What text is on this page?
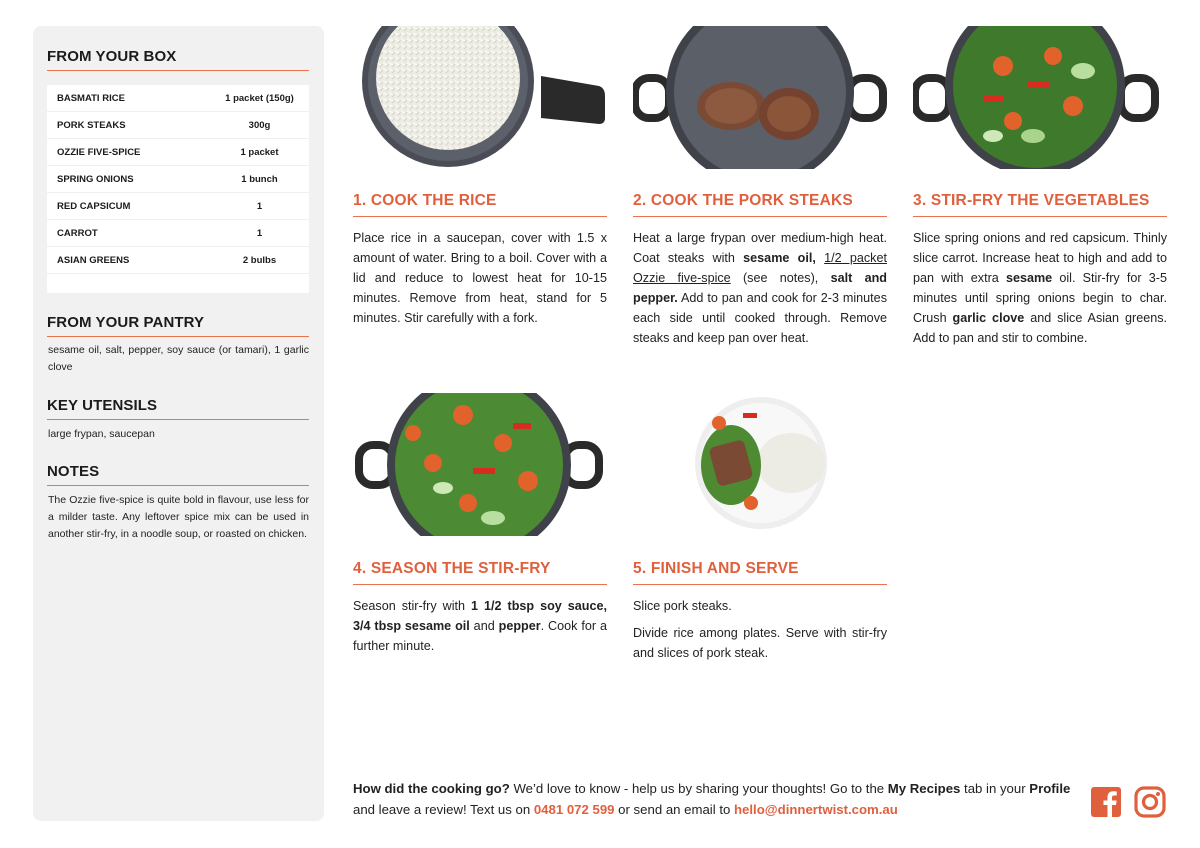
FROM YOUR BOX
BASMATI RICE	1 packet (150g)
PORK STEAKS	300g
OZZIE FIVE-SPICE	1 packet
SPRING ONIONS	1 bunch
RED CAPSICUM	1
CARROT	1
ASIAN GREENS	2 bulbs
FROM YOUR PANTRY
sesame oil, salt, pepper, soy sauce (or tamari), 1 garlic clove
KEY UTENSILS
large frypan, saucepan
NOTES
The Ozzie five-spice is quite bold in flavour, use less for a milder taste. Any leftover spice mix can be used in another stir-fry, in a noodle soup, or roasted on chicken.
1. COOK THE RICE

Place rice in a saucepan, cover with 1.5 x amount of water. Bring to a boil. Cover with a lid and reduce to lowest heat for 10-15 minutes. Remove from heat, stand for 5 minutes. Stir carefully with a fork.

2. COOK THE PORK STEAKS

Heat a large frypan over medium-high heat. Coat steaks with sesame oil, 1/2 packet Ozzie five-spice (see notes), salt and pepper. Add to pan and cook for 2-3 minutes each side until cooked through. Remove steaks and keep pan over heat.

3. STIR-FRY THE VEGETABLES

Slice spring onions and red capsicum. Thinly slice carrot. Increase heat to high and add to pan with extra sesame oil. Stir-fry for 3-5 minutes until spring onions begin to char. Crush garlic clove and slice Asian greens. Add to pan and stir to combine.

4. SEASON THE STIR-FRY

Season stir-fry with 1 1/2 tbsp soy sauce, 3/4 tbsp sesame oil and pepper. Cook for a further minute.

5. FINISH AND SERVE

Slice pork steaks.

Divide rice among plates. Serve with stir-fry and slices of pork steak.

How did the cooking go? We’d love to know - help us by sharing your thoughts! Go to the My Recipes tab in your Profile and leave a review! Text us on 0481 072 599 or send an email to hello@dinnertwist.com.au
